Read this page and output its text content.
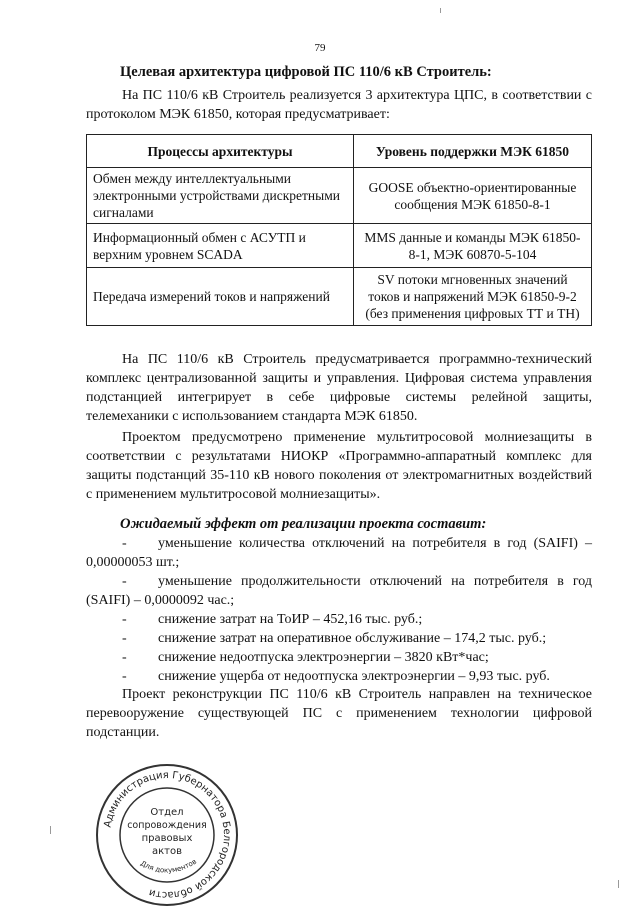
79
Целевая архитектура цифровой ПС 110/6 кВ Строитель:
На ПС 110/6 кВ Строитель реализуется 3 архитектура ЦПС, в соответствии с протоколом МЭК 61850, которая предусматривает:
Процессы архитектуры	Уровень поддержки МЭК 61850
Обмен между интеллектуальными электронными устройствами дискретными сигналами	GOOSE объектно-ориентированные сообщения МЭК 61850-8-1
Информационный обмен с АСУТП и верхним уровнем SCADA	MMS данные и команды МЭК 61850-8-1, МЭК 60870-5-104
Передача измерений токов и напряжений	SV потоки мгновенных значений токов и напряжений МЭК 61850-9-2 (без применения цифровых ТТ и ТН)
На ПС 110/6 кВ Строитель предусматривается программно-технический комплекс централизованной защиты и управления. Цифровая система управления подстанцией интегрирует в себе цифровые системы релейной защиты, телемеханики с использованием стандарта МЭК 61850.
Проектом предусмотрено применение мультитросовой молниезащиты в соответствии с результатами НИОКР «Программно-аппаратный комплекс для защиты подстанций 35-110 кВ нового поколения от электромагнитных воздействий с применением мультитросовой молниезащиты».
Ожидаемый эффект от реализации проекта составит:
- уменьшение количества отключений на потребителя в год (SAIFI) – 0,00000053 шт.;
- уменьшение продолжительности отключений на потребителя в год (SAIFI) – 0,0000092 час.;
- снижение затрат на ТоИР – 452,16 тыс. руб.;
- снижение затрат на оперативное обслуживание – 174,2 тыс. руб.;
- снижение недоотпуска электроэнергии – 3820 кВт*час;
- снижение ущерба от недоотпуска электроэнергии – 9,93 тыс. руб.
Проект реконструкции ПС 110/6 кВ Строитель направлен на техническое перевооружение существующей ПС с применением технологии цифровой подстанции.
Администрация Губернатора Белгородской области
Отдел
сопровождения
правовых
актов
Для документов
